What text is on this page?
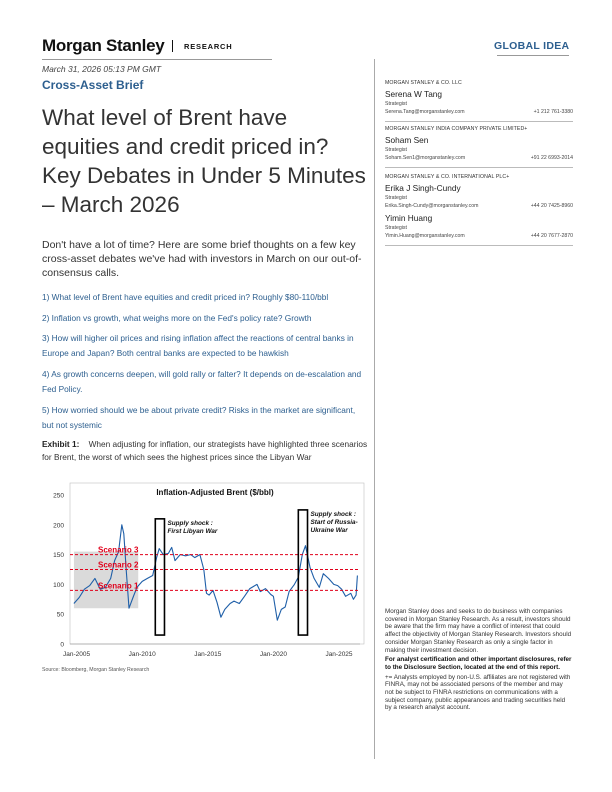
Morgan Stanley	RESEARCH	GLOBAL IDEA
March 31, 2026 05:13 PM GMT
Cross-Asset Brief
What level of Brent have
equities and credit priced in?
Key Debates in Under 5 Minutes
– March 2026
Don't have a lot of time? Here are some brief thoughts on a few key cross-asset debates we've had with investors in March on our out-of-consensus calls.
1) What level of Brent have equities and credit priced in? Roughly $80-110/bbl
2) Inflation vs growth, what weighs more on the Fed's policy rate? Growth
3) How will higher oil prices and rising inflation affect the reactions of central banks in Europe and Japan? Both central banks are expected to be hawkish
4) As growth concerns deepen, will gold rally or falter? It depends on de-escalation and Fed Policy.
5) How worried should we be about private credit? Risks in the market are significant, but not systemic
Exhibit 1: When adjusting for inflation, our strategists have highlighted three scenarios for Brent, the worst of which sees the highest prices since the Libyan War
Inflation-Adjusted Brent ($/bbl)
0
50
100
150
200
250
Jan-2005	Jan-2010	Jan-2015	Jan-2020	Jan-2025
Scenario 3
Scenario 2
Scenario 1
Supply shock :
First Libyan War
Supply shock :
Start of Russia-
Ukraine War
Source: Bloomberg, Morgan Stanley Research
MORGAN STANLEY & CO. LLC
Serena W Tang
Strategist
Serena.Tang@morganstanley.com	+1 212 761-3380
MORGAN STANLEY INDIA COMPANY PRIVATE LIMITED+
Soham Sen
Strategist
Soham.Sen1@morganstanley.com	+91 22 6993-2014
MORGAN STANLEY & CO. INTERNATIONAL PLC+
Erika J Singh-Cundy
Strategist
Erika.Singh-Cundy@morganstanley.com	+44 20 7425-8960
Yimin Huang
Strategist
Yimin.Huang@morganstanley.com	+44 20 7677-2870

Morgan Stanley does and seeks to do business with companies covered in Morgan Stanley Research. As a result, investors should be aware that the firm may have a conflict of interest that could affect the objectivity of Morgan Stanley Research. Investors should consider Morgan Stanley Research as only a single factor in making their investment decision.

For analyst certification and other important disclosures, refer to the Disclosure Section, located at the end of this report.

+= Analysts employed by non-U.S. affiliates are not registered with FINRA, may not be associated persons of the member and may not be subject to FINRA restrictions on communications with a subject company, public appearances and trading securities held by a research analyst account.
